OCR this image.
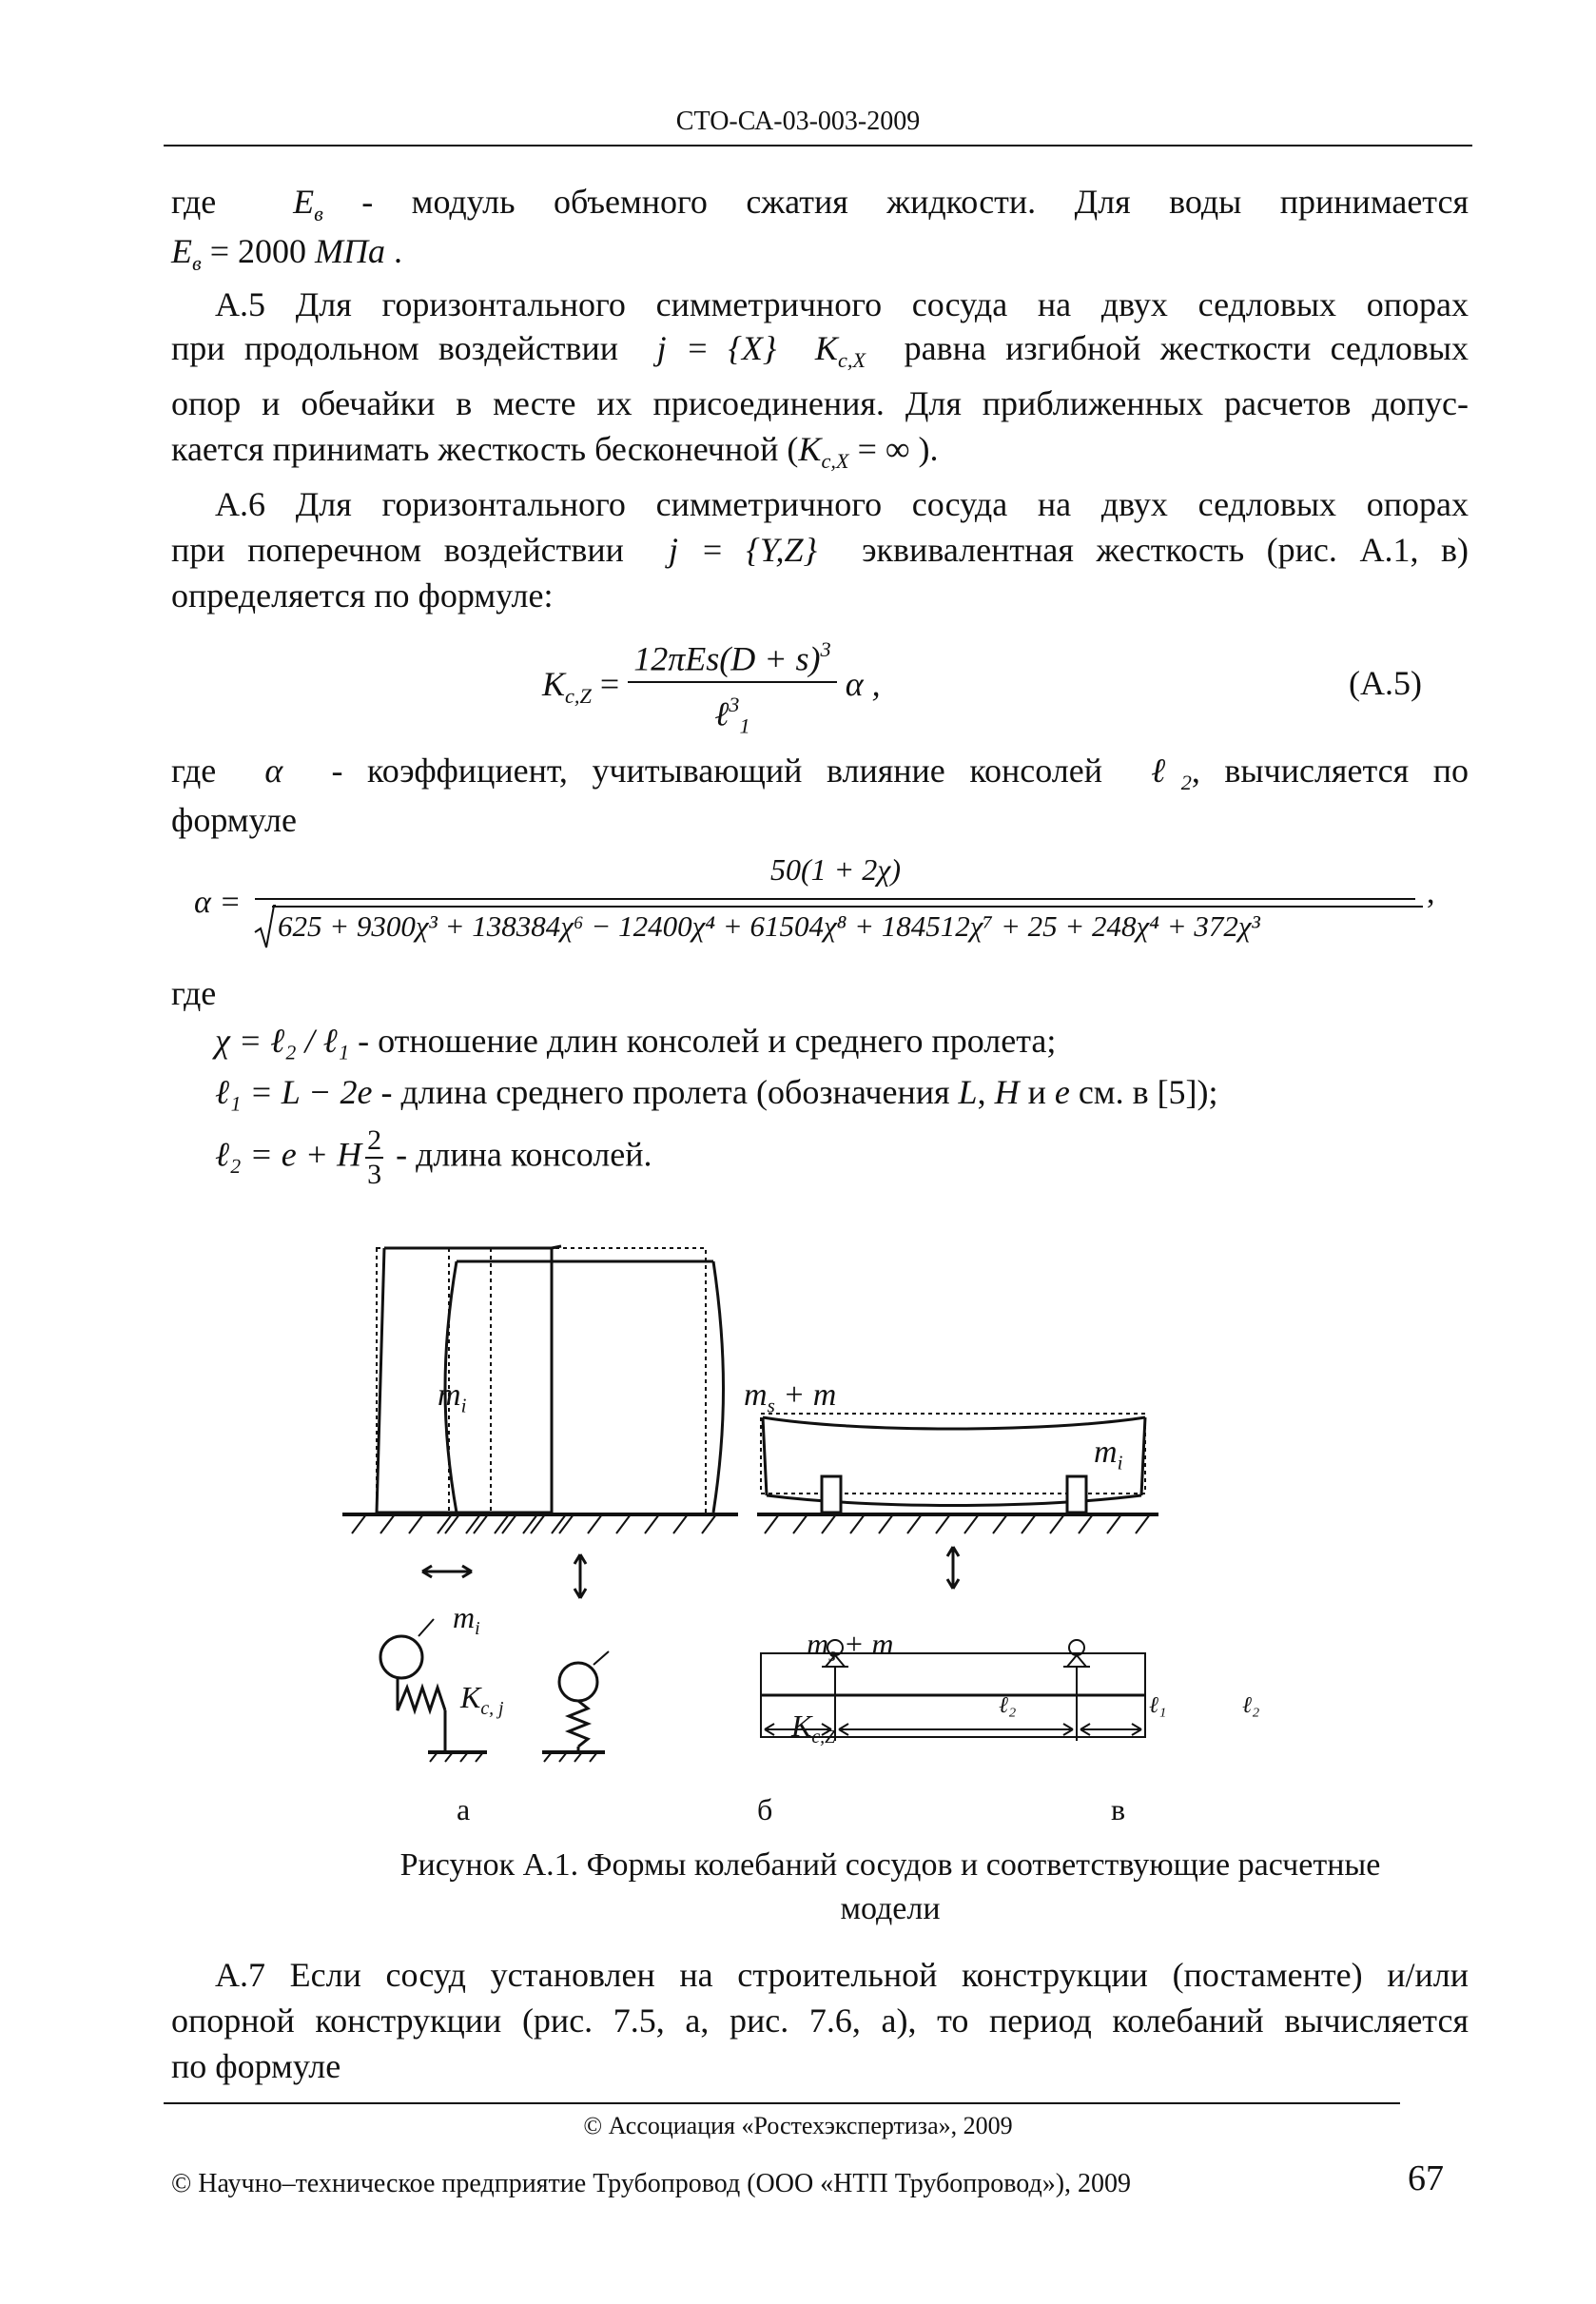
СТО-СА-03-003-2009
где $E_в$ - модуль объемного сжатия жидкости. Для воды принимается
$E_в = 2000$ МПа .
А.5 Для горизонтального симметричного сосуда на двух седловых опорах
при продольном воздействии j = {X} $K_{c,X}$ равна изгибной жесткости седловых
опор и обечайки в месте их присоединения. Для приближенных расчетов допус-
кается принимать жесткость бесконечной ($K_{c,X}$ = ∞ ).
А.6 Для горизонтального симметричного сосуда на двух седловых опорах
при поперечном воздействии j = {Y,Z} эквивалентная жесткость (рис. А.1, в)
определяется по формуле:
$K_{c,Z} = \frac{12\pi Es(D + s)^3}{\ell^3_1}$ α ,	(А.5)
где α - коэффициент, учитывающий влияние консолей ℓ$_2$, вычисляется по
формуле
α =
50(1 + 2χ)
625 + 9300χ³ + 138384χ⁶ − 12400χ⁴ + 61504χ⁸ + 184512χ⁷ + 25 + 248χ⁴ + 372χ³
,
где
χ = ℓ₂ / ℓ₁ - отношение длин консолей и среднего пролета;
ℓ₁ = L − 2e - длина среднего пролета (обозначения L, H и e см. в [5]);
ℓ₂ = e + H $\frac{2}{3}$ - длина консолей.
$m_i$	$m_s + m$
$m_i$
$m_i$
$K_{c, j}$
$m_s + m$
$K_{c,Z}$
ℓ₂	ℓ₁	ℓ₂
а	б	в
Рисунок А.1. Формы колебаний сосудов и соответствующие расчетные
модели
А.7 Если сосуд установлен на строительной конструкции (постаменте) и/или
опорной конструкции (рис. 7.5, а, рис. 7.6, а), то период колебаний вычисляется
по формуле
© Ассоциация «Ростехэкспертиза», 2009
© Научно–техническое предприятие Трубопровод (ООО «НТП Трубопровод»), 2009	67
